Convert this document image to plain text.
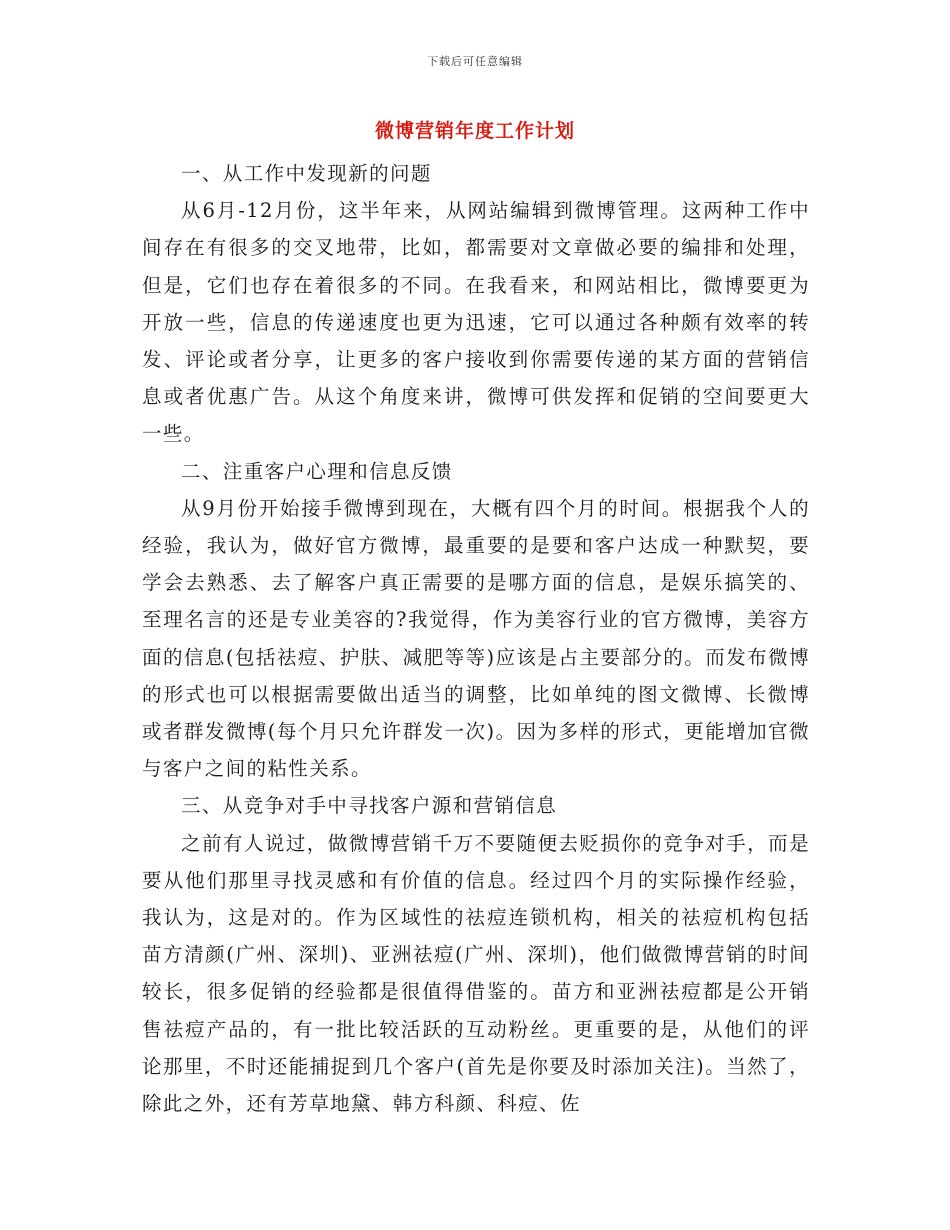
下载后可任意编辑
微博营销年度工作计划

一、从工作中发现新的问题

从6月-12月份，这半年来，从网站编辑到微博管理。这两种工作中间存在有很多的交叉地带，比如，都需要对文章做必要的编排和处理，但是，它们也存在着很多的不同。在我看来，和网站相比，微博要更为开放一些，信息的传递速度也更为迅速，它可以通过各种颇有效率的转发、评论或者分享，让更多的客户接收到你需要传递的某方面的营销信息或者优惠广告。从这个角度来讲，微博可供发挥和促销的空间要更大一些。

二、注重客户心理和信息反馈

从9月份开始接手微博到现在，大概有四个月的时间。根据我个人的经验，我认为，做好官方微博，最重要的是要和客户达成一种默契，要学会去熟悉、去了解客户真正需要的是哪方面的信息，是娱乐搞笑的、至理名言的还是专业美容的?我觉得，作为美容行业的官方微博，美容方面的信息(包括祛痘、护肤、减肥等等)应该是占主要部分的。而发布微博的形式也可以根据需要做出适当的调整，比如单纯的图文微博、长微博或者群发微博(每个月只允许群发一次)。因为多样的形式，更能增加官微与客户之间的粘性关系。

三、从竞争对手中寻找客户源和营销信息

之前有人说过，做微博营销千万不要随便去贬损你的竞争对手，而是要从他们那里寻找灵感和有价值的信息。经过四个月的实际操作经验，我认为，这是对的。作为区域性的祛痘连锁机构，相关的祛痘机构包括苗方清颜(广州、深圳)、亚洲祛痘(广州、深圳)，他们做微博营销的时间较长，很多促销的经验都是很值得借鉴的。苗方和亚洲祛痘都是公开销售祛痘产品的，有一批比较活跃的互动粉丝。更重要的是，从他们的评论那里，不时还能捕捉到几个客户(首先是你要及时添加关注)。当然了，除此之外，还有芳草地黛、韩方科颜、科痘、佐
